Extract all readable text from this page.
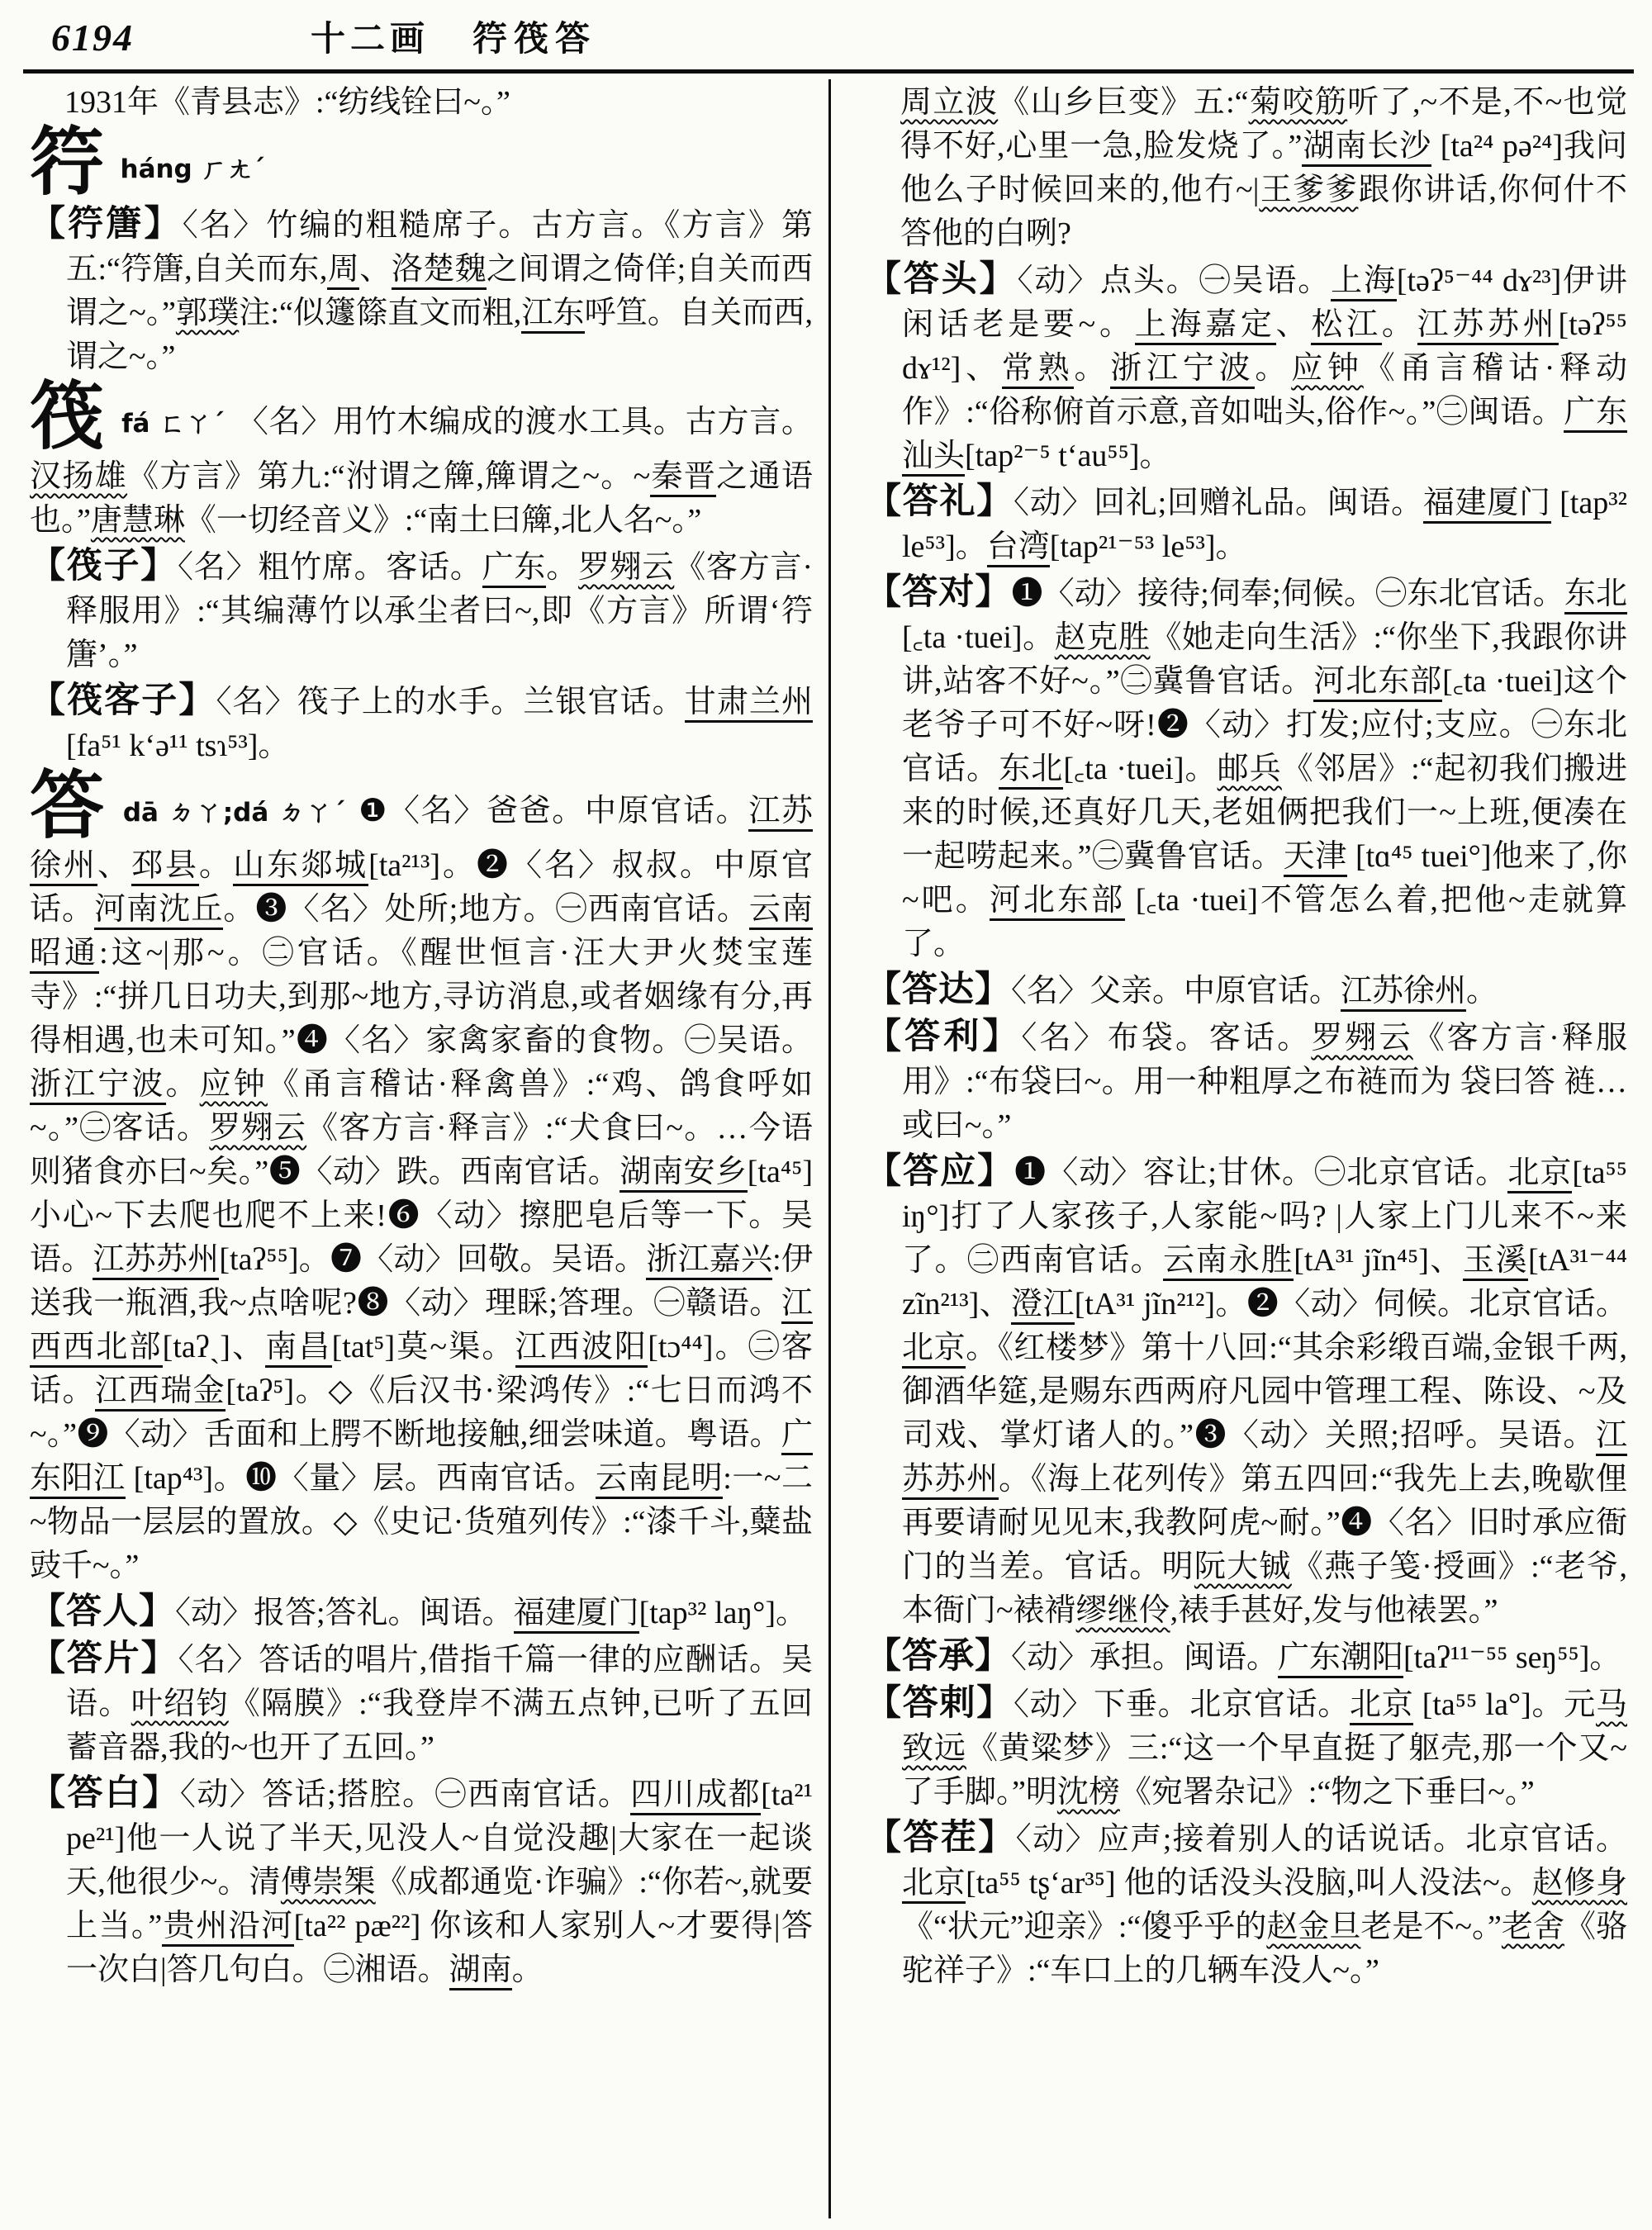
6194	十二画 筕筏答

1931年《青县志》:“纺线铨曰~。”

筕 háng ㄏㄤˊ

【筕篖】〈名〉竹编的粗糙席子。古方言。《方言》第五:“筕篖,自关而东,周、洛楚魏之间谓之倚佯;自关而西谓之~。”郭璞注:“似籧篨直文而粗,江东呼笪。自关而西,谓之~。”

筏 fá ㄈㄚˊ 〈名〉用竹木编成的渡水工具。古方言。汉扬雄《方言》第九:“泭谓之簰,簰谓之~。~秦晋之通语也。”唐慧琳《一切经音义》:“南土曰簰,北人名~。”

【筏子】〈名〉粗竹席。客话。广东。罗翙云《客方言·释服用》:“其编薄竹以承尘者曰~,即《方言》所谓‘筕篖’。”

【筏客子】〈名〉筏子上的水手。兰银官话。甘肃兰州[fa⁵¹ k‘ə¹¹ tsɿ⁵³]。

答 dā ㄉㄚ;dá ㄉㄚˊ ❶〈名〉爸爸。中原官话。江苏徐州、邳县。山东郯城[ta²¹³]。❷〈名〉叔叔。中原官话。河南沈丘。❸〈名〉处所;地方。㊀西南官话。云南昭通:这~|那~。㊁官话。《醒世恒言·汪大尹火焚宝莲寺》:“拼几日功夫,到那~地方,寻访消息,或者姻缘有分,再得相遇,也未可知。”❹〈名〉家禽家畜的食物。㊀吴语。浙江宁波。应钟《甬言稽诂·释禽兽》:“鸡、鸽食呼如~。”㊁客话。罗翙云《客方言·释言》:“犬食曰~。…今语则猪食亦曰~矣。”❺〈动〉跌。西南官话。湖南安乡[ta⁴⁵] 小心~下去爬也爬不上来!❻〈动〉擦肥皂后等一下。吴语。江苏苏州[taʔ⁵⁵]。❼〈动〉回敬。吴语。浙江嘉兴:伊送我一瓶酒,我~点啥呢?❽〈动〉理睬;答理。㊀赣语。江西西北部[taʔˏ]、南昌[tat⁵]莫~渠。江西波阳[tɔ⁴⁴]。㊁客话。江西瑞金[taʔ⁵]。◇《后汉书·梁鸿传》:“七日而鸿不~。”❾〈动〉舌面和上腭不断地接触,细尝味道。粤语。广东阳江 [tap⁴³]。❿〈量〉层。西南官话。云南昆明:一~二~物品一层层的置放。◇《史记·货殖列传》:“漆千斗,糵盐豉千~。”

【答人】〈动〉报答;答礼。闽语。福建厦门[tap³² laŋ°]。

【答片】〈名〉答话的唱片,借指千篇一律的应酬话。吴语。叶绍钧《隔膜》:“我登岸不满五点钟,已听了五回蓄音器,我的~也开了五回。”

【答白】〈动〉答话;搭腔。㊀西南官话。四川成都[ta²¹ pe²¹]他一人说了半天,见没人~自觉没趣|大家在一起谈天,他很少~。清傅崇榘《成都通览·诈骗》:“你若~,就要上当。”贵州沿河[ta²² pæ²²] 你该和人家别人~才要得|答一次白|答几句白。㊁湘语。湖南。

周立波《山乡巨变》五:“菊咬筋听了,~不是,不~也觉得不好,心里一急,脸发烧了。”湖南长沙 [ta²⁴ pə²⁴]我问他么子时候回来的,他冇~|王爹爹跟你讲话,你何什不答他的白咧?

【答头】〈动〉点头。㊀吴语。上海[təʔ⁵⁻⁴⁴ dɤ²³]伊讲闲话老是要~。上海嘉定、松江。江苏苏州[təʔ⁵⁵ dɤ¹²]、常熟。浙江宁波。应钟《甬言稽诂·释动作》:“俗称俯首示意,音如咄头,俗作~。”㊁闽语。广东汕头[tap²⁻⁵ t‘au⁵⁵]。

【答礼】〈动〉回礼;回赠礼品。闽语。福建厦门 [tap³² le⁵³]。台湾[tap²¹⁻⁵³ le⁵³]。

【答对】❶〈动〉接待;伺奉;伺候。㊀东北官话。东北[꜀ta ·tuei]。赵克胜《她走向生活》:“你坐下,我跟你讲讲,站客不好~。”㊁冀鲁官话。河北东部[꜀ta ·tuei]这个老爷子可不好~呀!❷〈动〉打发;应付;支应。㊀东北官话。东北[꜀ta ·tuei]。邮兵《邻居》:“起初我们搬进来的时候,还真好几天,老姐俩把我们一~上班,便凑在一起唠起来。”㊁冀鲁官话。天津 [tɑ⁴⁵ tuei°]他来了,你~吧。河北东部 [꜀ta ·tuei]不管怎么着,把他~走就算了。

【答达】〈名〉父亲。中原官话。江苏徐州。

【答利】〈名〉布袋。客话。罗翙云《客方言·释服用》:“布袋曰~。用一种粗厚之布裢而为 袋曰答 裢…或曰~。”

【答应】❶〈动〉容让;甘休。㊀北京官话。北京[ta⁵⁵ iŋ°]打了人家孩子,人家能~吗? |人家上门儿来不~来了。㊁西南官话。云南永胜[tA³¹ jĩn⁴⁵]、玉溪[tA³¹⁻⁴⁴ zĩn²¹³]、澄江[tA³¹ jĩn²¹²]。❷〈动〉伺候。北京官话。北京。《红楼梦》第十八回:“其余彩缎百端,金银千两,御酒华筵,是赐东西两府凡园中管理工程、陈设、~及司戏、掌灯诸人的。”❸〈动〉关照;招呼。吴语。江苏苏州。《海上花列传》第五四回:“我先上去,晚歇俚再要请耐见见末,我教阿虎~耐。”❹〈名〉旧时承应衙门的当差。官话。明阮大铖《燕子笺·授画》:“老爷,本衙门~裱褙缪继伶,裱手甚好,发与他裱罢。”

【答承】〈动〉承担。闽语。广东潮阳[taʔ¹¹⁻⁵⁵ seŋ⁵⁵]。

【答剌】〈动〉下垂。北京官话。北京 [ta⁵⁵ la°]。元马致远《黄粱梦》三:“这一个早直挺了躯壳,那一个又~了手脚。”明沈榜《宛署杂记》:“物之下垂曰~。”

【答茬】〈动〉应声;接着别人的话说话。北京官话。北京[ta⁵⁵ tʂ‘ar³⁵] 他的话没头没脑,叫人没法~。赵修身《“状元”迎亲》:“傻乎乎的赵金旦老是不~。”老舍《骆驼祥子》:“车口上的几辆车没人~。”
